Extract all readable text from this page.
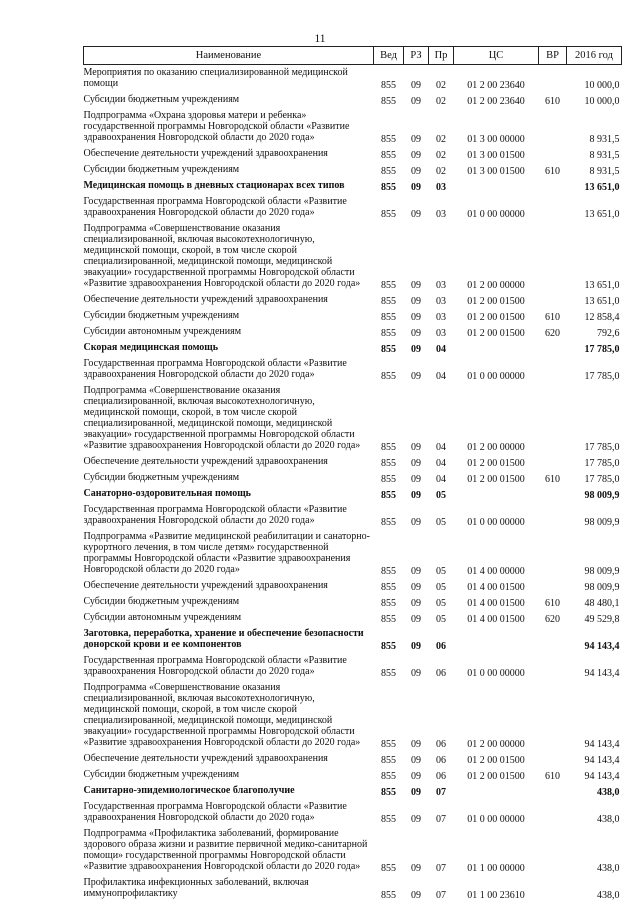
11
Наименование	Вед	РЗ	Пр	ЦС	ВР	2016 год
Мероприятия по оказанию специализированной медицинской помощи	855	09	02	01 2 00 23640		10 000,0
Субсидии бюджетным учреждениям	855	09	02	01 2 00 23640	610	10 000,0
Подпрограмма «Охрана здоровья матери и ребенка» государственной программы Новгородской области «Развитие здравоохранения Новгородской области до 2020 года»	855	09	02	01 3 00 00000		8 931,5
Обеспечение деятельности учреждений здравоохранения	855	09	02	01 3 00 01500		8 931,5
Субсидии бюджетным учреждениям	855	09	02	01 3 00 01500	610	8 931,5
Медицинская помощь в дневных стационарах всех типов	855	09	03			13 651,0
Государственная программа Новгородской области «Развитие здравоохранения Новгородской области до 2020 года»	855	09	03	01 0 00 00000		13 651,0
Подпрограмма «Совершенствование оказания специализированной, включая высокотехнологичную, медицинской помощи, скорой, в том числе скорой специализированной, медицинской помощи, медицинской эвакуации» государственной программы Новгородской области «Развитие здравоохранения Новгородской области до 2020 года»	855	09	03	01 2 00 00000		13 651,0
Обеспечение деятельности учреждений здравоохранения	855	09	03	01 2 00 01500		13 651,0
Субсидии бюджетным учреждениям	855	09	03	01 2 00 01500	610	12 858,4
Субсидии автономным учреждениям	855	09	03	01 2 00 01500	620	792,6
Скорая медицинская помощь	855	09	04			17 785,0
Государственная программа Новгородской области «Развитие здравоохранения Новгородской области до 2020 года»	855	09	04	01 0 00 00000		17 785,0
Подпрограмма «Совершенствование оказания специализированной, включая высокотехнологичную, медицинской помощи, скорой, в том числе скорой специализированной, медицинской помощи, медицинской эвакуации» государственной программы Новгородской области «Развитие здравоохранения Новгородской области до 2020 года»	855	09	04	01 2 00 00000		17 785,0
Обеспечение деятельности учреждений здравоохранения	855	09	04	01 2 00 01500		17 785,0
Субсидии бюджетным учреждениям	855	09	04	01 2 00 01500	610	17 785,0
Санаторно-оздоровительная помощь	855	09	05			98 009,9
Государственная программа Новгородской области «Развитие здравоохранения Новгородской области до 2020 года»	855	09	05	01 0 00 00000		98 009,9
Подпрограмма «Развитие медицинской реабилитации и санаторно-курортного лечения, в том числе детям» государственной программы Новгородской области «Развитие здравоохранения Новгородской области до 2020 года»	855	09	05	01 4 00 00000		98 009,9
Обеспечение деятельности учреждений здравоохранения	855	09	05	01 4 00 01500		98 009,9
Субсидии бюджетным учреждениям	855	09	05	01 4 00 01500	610	48 480,1
Субсидии автономным учреждениям	855	09	05	01 4 00 01500	620	49 529,8
Заготовка, переработка, хранение и обеспечение безопасности донорской крови и ее компонентов	855	09	06			94 143,4
Государственная программа Новгородской области «Развитие здравоохранения Новгородской области до 2020 года»	855	09	06	01 0 00 00000		94 143,4
Подпрограмма «Совершенствование оказания специализированной, включая высокотехнологичную, медицинской помощи, скорой, в том числе скорой специализированной, медицинской помощи, медицинской эвакуации» государственной программы Новгородской области «Развитие здравоохранения Новгородской области до 2020 года»	855	09	06	01 2 00 00000		94 143,4
Обеспечение деятельности учреждений здравоохранения	855	09	06	01 2 00 01500		94 143,4
Субсидии бюджетным учреждениям	855	09	06	01 2 00 01500	610	94 143,4
Санитарно-эпидемиологическое благополучие	855	09	07			438,0
Государственная программа Новгородской области «Развитие здравоохранения Новгородской области до 2020 года»	855	09	07	01 0 00 00000		438,0
Подпрограмма «Профилактика заболеваний, формирование здорового образа жизни и развитие первичной медико-санитарной помощи» государственной программы Новгородской области «Развитие здравоохранения Новгородской области до 2020 года»	855	09	07	01 1 00 00000		438,0
Профилактика инфекционных заболеваний, включая иммунопрофилактику	855	09	07	01 1 00 23610		438,0
